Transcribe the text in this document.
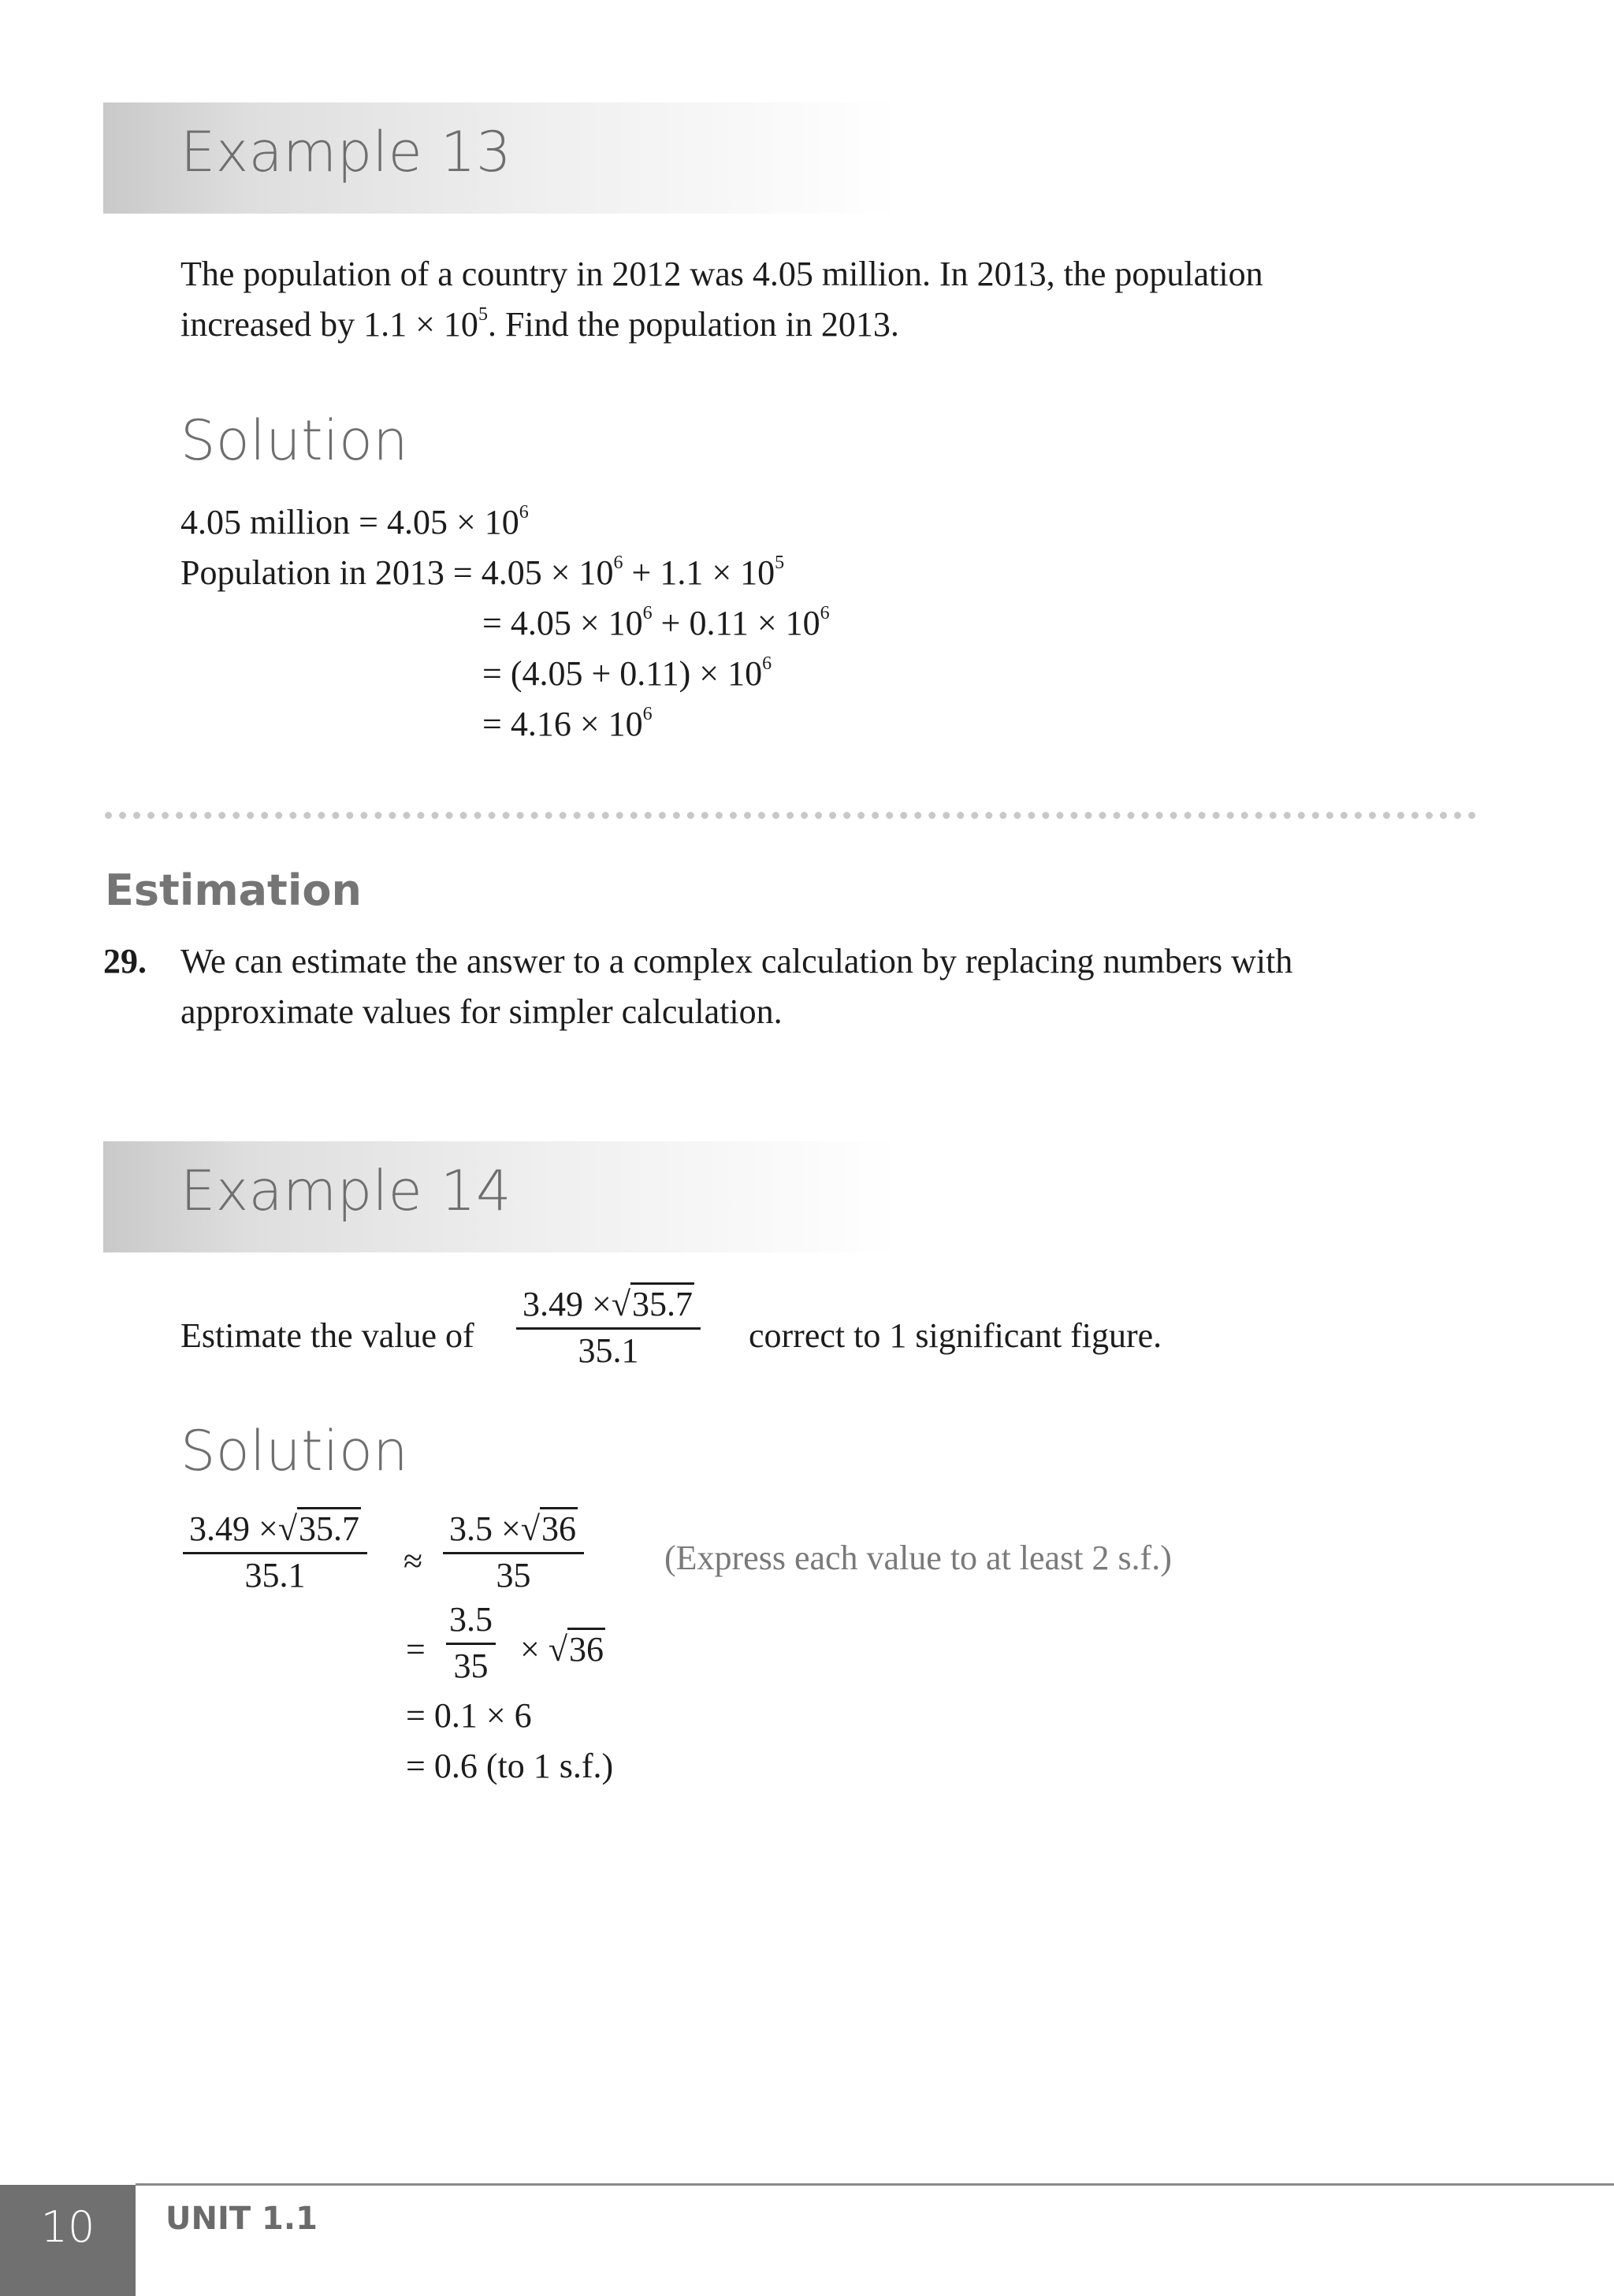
Example 13
The population of a country in 2012 was 4.05 million. In 2013, the population
increased by $1.1 \times 10^5$. Find the population in 2013.
Solution
4.05 million = $4.05 \times 10^6$
Population in $2013 = 4.05 \times 10^6 + 1.1 \times 10^5$
= $4.05 \times 10^6 + 0.11 \times 10^6$
= $(4.05 + 0.11) \times 10^6$
= $4.16 \times 10^6$
Estimation
29. We can estimate the answer to a complex calculation by replacing numbers with
approximate values for simpler calculation.
Example 14
Estimate the value of $\frac{3.49 \times√35.7}{35.1}$ correct to 1 significant figure.
Solution
$\frac{3.49 \times√35.7}{35.1} \approx \frac{3.5 \times√36}{35}$ (Express each value to at least 2 s.f.)
= $\frac{3.5}{35} \times √36$
= 0.1 × 6
= 0.6 (to 1 s.f.)
10	UNIT 1.1
